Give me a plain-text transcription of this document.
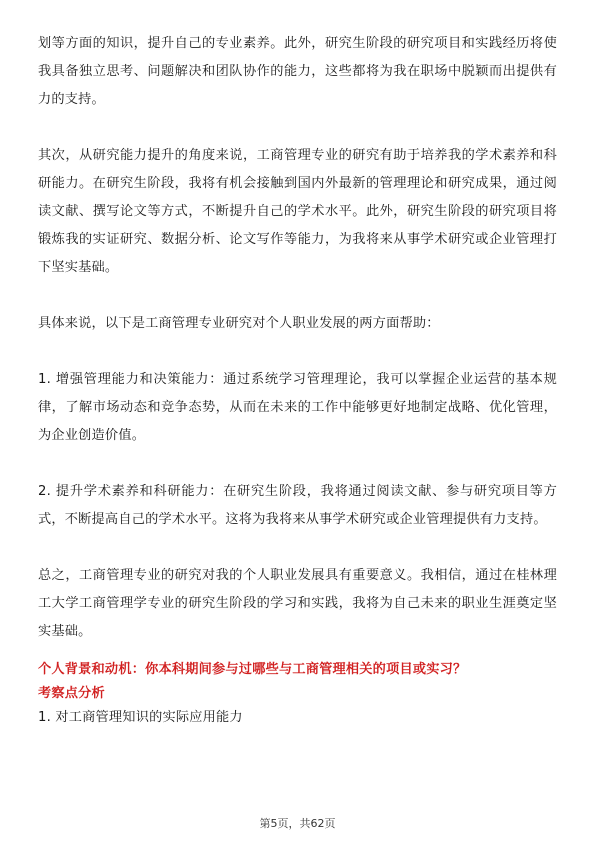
划等方面的知识，提升自己的专业素养。此外，研究生阶段的研究项目和实践经历将使我具备独立思考、问题解决和团队协作的能力，这些都将为我在职场中脱颖而出提供有力的支持。

其次，从研究能力提升的角度来说，工商管理专业的研究有助于培养我的学术素养和科研能力。在研究生阶段，我将有机会接触到国内外最新的管理理论和研究成果，通过阅读文献、撰写论文等方式，不断提升自己的学术水平。此外，研究生阶段的研究项目将锻炼我的实证研究、数据分析、论文写作等能力，为我将来从事学术研究或企业管理打下坚实基础。

具体来说，以下是工商管理专业研究对个人职业发展的两方面帮助：

1. 增强管理能力和决策能力：通过系统学习管理理论，我可以掌握企业运营的基本规律，了解市场动态和竞争态势，从而在未来的工作中能够更好地制定战略、优化管理，为企业创造价值。

2. 提升学术素养和科研能力：在研究生阶段，我将通过阅读文献、参与研究项目等方式，不断提高自己的学术水平。这将为我将来从事学术研究或企业管理提供有力支持。

总之，工商管理专业的研究对我的个人职业发展具有重要意义。我相信，通过在桂林理工大学工商管理学专业的研究生阶段的学习和实践，我将为自己未来的职业生涯奠定坚实基础。

个人背景和动机：你本科期间参与过哪些与工商管理相关的项目或实习？
考察点分析
1. 对工商管理知识的实际应用能力
第5页，共62页
